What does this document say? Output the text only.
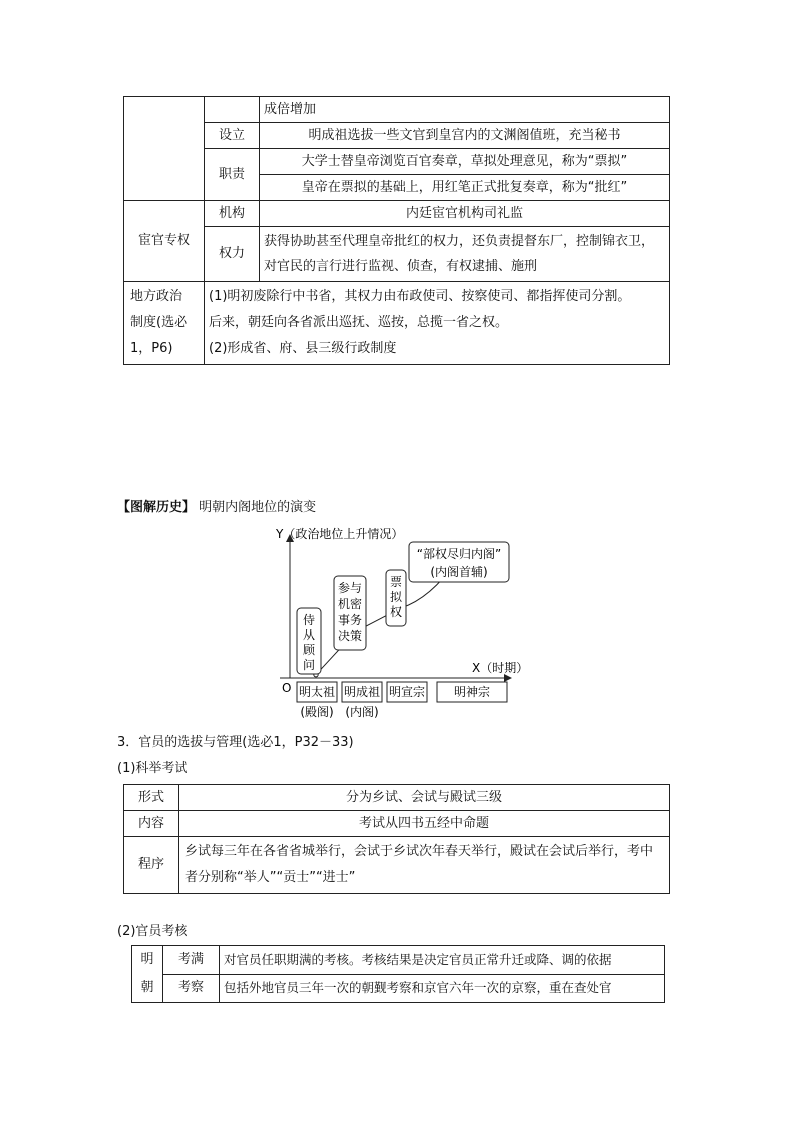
		成倍增加
	设立	明成祖选拔一些文官到皇宫内的文渊阁值班，充当秘书
	职责	大学士替皇帝浏览百官奏章，草拟处理意见，称为“票拟”
		皇帝在票拟的基础上，用红笔正式批复奏章，称为“批红”
宦官专权	机构	内廷宦官机构司礼监
	权力	获得协助甚至代理皇帝批红的权力，还负责提督东厂，控制锦衣卫，对官民的言行进行监视、侦查，有权逮捕、施刑
地方政治
制度(选必
1，P6)	(1)明初废除行中书省，其权力由布政使司、按察使司、都指挥使司分割。
后来，朝廷向各省派出巡抚、巡按，总揽一省之权。
(2)形成省、府、县三级行政制度	
【图解历史】 明朝内阁地位的演变
Y（政治地位上升情况）
X（时期）
O 明太祖
(殿阁)
明成祖
(内阁)
明宣宗 明神宗
侍从顾问
参与机密事务决策
票拟权
“部权尽归内阁”
(内阁首辅)
3．官员的选拔与管理(选必1，P32－33)
(1)科举考试
形式	分为乡试、会试与殿试三级
内容	考试从四书五经中命题
程序	乡试每三年在各省省城举行，会试于乡试次年春天举行，殿试在会试后举行，考中者分别称“举人”“贡士”“进士”
(2)官员考核
明
朝	考满	对官员任职期满的考核。考核结果是决定官员正常升迁或降、调的依据
	考察	包括外地官员三年一次的朝觐考察和京官六年一次的京察，重在查处官
